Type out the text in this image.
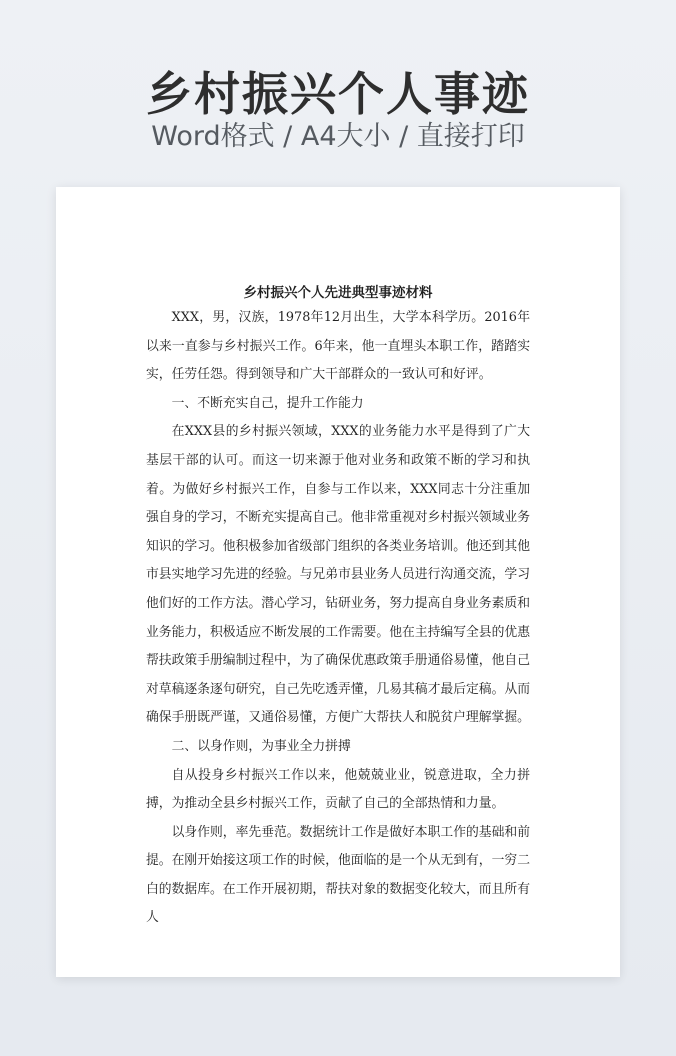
乡村振兴个人事迹
Word格式 / A4大小 / 直接打印
乡村振兴个人先进典型事迹材料

XXX，男，汉族，1978年12月出生，大学本科学历。2016年以来一直参与乡村振兴工作。6年来，他一直埋头本职工作，踏踏实实，任劳任怨。得到领导和广大干部群众的一致认可和好评。

一、不断充实自己，提升工作能力

在XXX县的乡村振兴领域，XXX的业务能力水平是得到了广大基层干部的认可。而这一切来源于他对业务和政策不断的学习和执着。为做好乡村振兴工作，自参与工作以来，XXX同志十分注重加强自身的学习，不断充实提高自己。他非常重视对乡村振兴领域业务知识的学习。他积极参加省级部门组织的各类业务培训。他还到其他市县实地学习先进的经验。与兄弟市县业务人员进行沟通交流，学习他们好的工作方法。潜心学习，钻研业务，努力提高自身业务素质和业务能力，积极适应不断发展的工作需要。他在主持编写全县的优惠帮扶政策手册编制过程中，为了确保优惠政策手册通俗易懂，他自己对草稿逐条逐句研究，自己先吃透弄懂，几易其稿才最后定稿。从而确保手册既严谨，又通俗易懂，方便广大帮扶人和脱贫户理解掌握。

二、以身作则，为事业全力拼搏

自从投身乡村振兴工作以来，他兢兢业业，锐意进取，全力拼搏，为推动全县乡村振兴工作，贡献了自己的全部热情和力量。

以身作则，率先垂范。数据统计工作是做好本职工作的基础和前提。在刚开始接这项工作的时候，他面临的是一个从无到有，一穷二白的数据库。在工作开展初期，帮扶对象的数据变化较大，而且所有人
